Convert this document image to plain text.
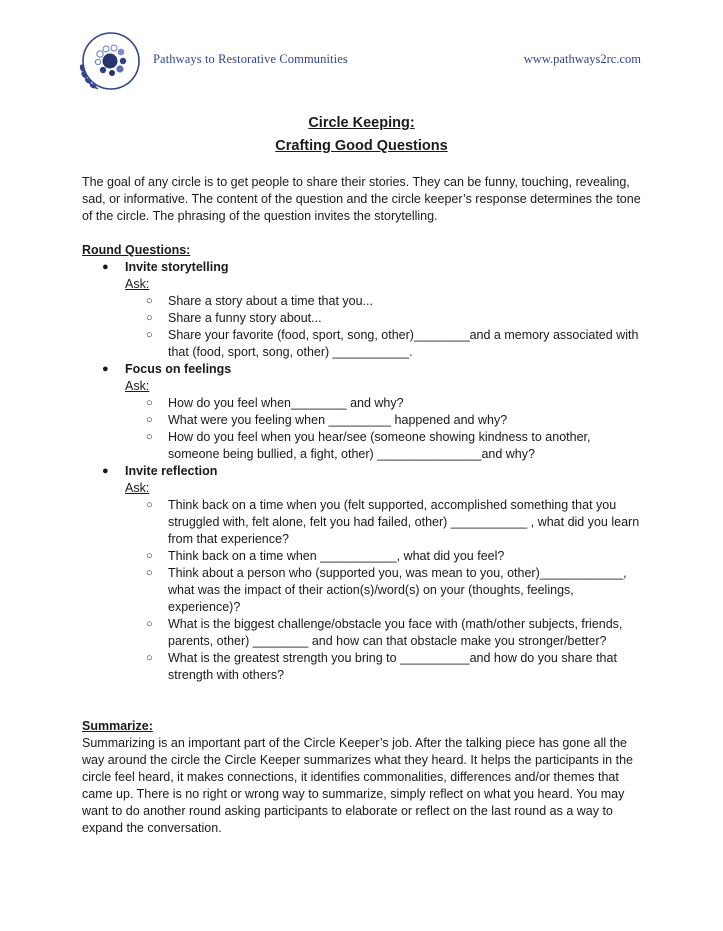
Pathways to Restorative Communities	www.pathways2rc.com
Circle Keeping:
Crafting Good Questions

The goal of any circle is to get people to share their stories. They can be funny, touching, revealing, sad, or informative. The content of the question and the circle keeper’s response determines the tone of the circle. The phrasing of the question invites the storytelling.

Round Questions:
● Invite storytelling
Ask:
○ Share a story about a time that you...
○ Share a funny story about...
○ Share your favorite (food, sport, song, other)________and a memory associated with that (food, sport, song, other) ___________.
● Focus on feelings
Ask:
○ How do you feel when________ and why?
○ What were you feeling when _________ happened and why?
○ How do you feel when you hear/see (someone showing kindness to another, someone being bullied, a fight, other) _______________and why?
● Invite reflection
Ask:
○ Think back on a time when you (felt supported, accomplished something that you struggled with, felt alone, felt you had failed, other) ___________ , what did you learn from that experience?
○ Think back on a time when ___________, what did you feel?
○ Think about a person who (supported you, was mean to you, other)____________, what was the impact of their action(s)/word(s) on your (thoughts, feelings, experience)?
○ What is the biggest challenge/obstacle you face with (math/other subjects, friends, parents, other) ________ and how can that obstacle make you stronger/better?
○ What is the greatest strength you bring to __________and how do you share that strength with others?
Summarize:

Summarizing is an important part of the Circle Keeper’s job. After the talking piece has gone all the way around the circle the Circle Keeper summarizes what they heard. It helps the participants in the circle feel heard, it makes connections, it identifies commonalities, differences and/or themes that came up. There is no right or wrong way to summarize, simply reflect on what you heard. You may want to do another round asking participants to elaborate or reflect on the last round as a way to expand the conversation.
